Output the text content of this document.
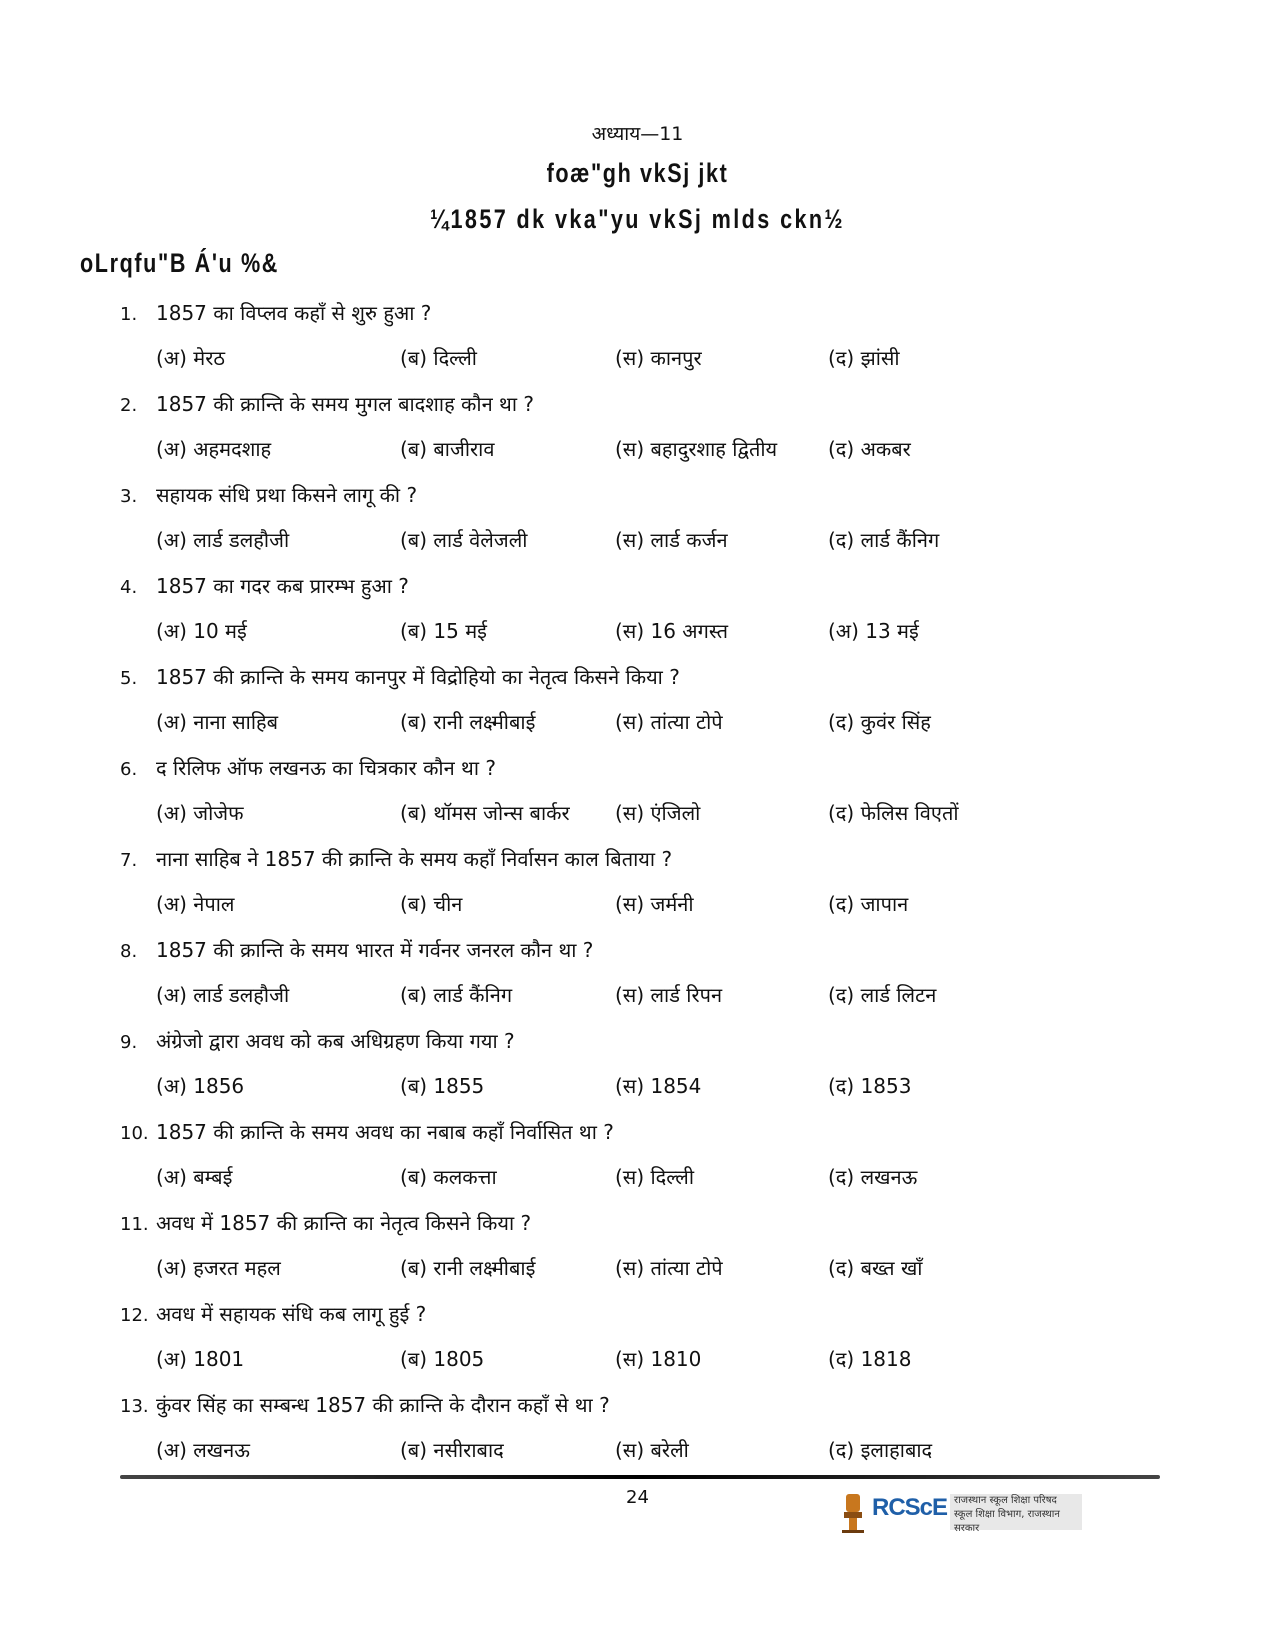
अध्याय—11
foæ"gh vkSj jkt
¼1857 dk vka"yu vkSj mlds ckn½
oLrqfu"B Á'u %&
1. 1857 का विप्लव कहाँ से शुरु हुआ ?
(अ) मेरठ	(ब) दिल्ली	(स) कानपुर	(द) झांसी
2. 1857 की क्रान्ति के समय मुगल बादशाह कौन था ?
(अ) अहमदशाह	(ब) बाजीराव	(स) बहादुरशाह द्वितीय	(द) अकबर
3. सहायक संधि प्रथा किसने लागू की ?
(अ) लार्ड डलहौजी	(ब) लार्ड वेलेजली	(स) लार्ड कर्जन	(द) लार्ड कैंनिग
4. 1857 का गदर कब प्रारम्भ हुआ ?
(अ) 10 मई	(ब) 15 मई	(स) 16 अगस्त	(अ) 13 मई
5. 1857 की क्रान्ति के समय कानपुर में विद्रोहियो का नेतृत्व किसने किया ?
(अ) नाना साहिब	(ब) रानी लक्ष्मीबाई	(स) तांत्या टोपे	(द) कुवंर सिंह
6. द रिलिफ ऑफ लखनऊ का चित्रकार कौन था ?
(अ) जोजेफ	(ब) थॉमस जोन्स बार्कर (स) एंजिलो	(द) फेलिस विएतों
7. नाना साहिब ने 1857 की क्रान्ति के समय कहाँ निर्वासन काल बिताया ?
(अ) नेपाल	(ब) चीन	(स) जर्मनी	(द) जापान
8. 1857 की क्रान्ति के समय भारत में गर्वनर जनरल कौन था ?
(अ) लार्ड डलहौजी	(ब) लार्ड कैंनिग	(स) लार्ड रिपन	(द) लार्ड लिटन
9. अंग्रेजो द्वारा अवध को कब अधिग्रहण किया गया ?
(अ) 1856	(ब) 1855	(स) 1854	(द) 1853
10. 1857 की क्रान्ति के समय अवध का नबाब कहाँ निर्वासित था ?
(अ) बम्बई	(ब) कलकत्ता	(स) दिल्ली	(द) लखनऊ
11. अवध में 1857 की क्रान्ति का नेतृत्व किसने किया ?
(अ) हजरत महल	(ब) रानी लक्ष्मीबाई	(स) तांत्या टोपे	(द) बख्त खाँ
12. अवध में सहायक संधि कब लागू हुई ?
(अ) 1801	(ब) 1805	(स) 1810	(द) 1818
13. कुंवर सिंह का सम्बन्ध 1857 की क्रान्ति के दौरान कहाँ से था ?
(अ) लखनऊ	(ब) नसीराबाद	(स) बरेली	(द) इलाहाबाद
24	RCScE राजस्थान स्कूल शिक्षा परिषद
स्कूल शिक्षा विभाग, राजस्थान सरकार
